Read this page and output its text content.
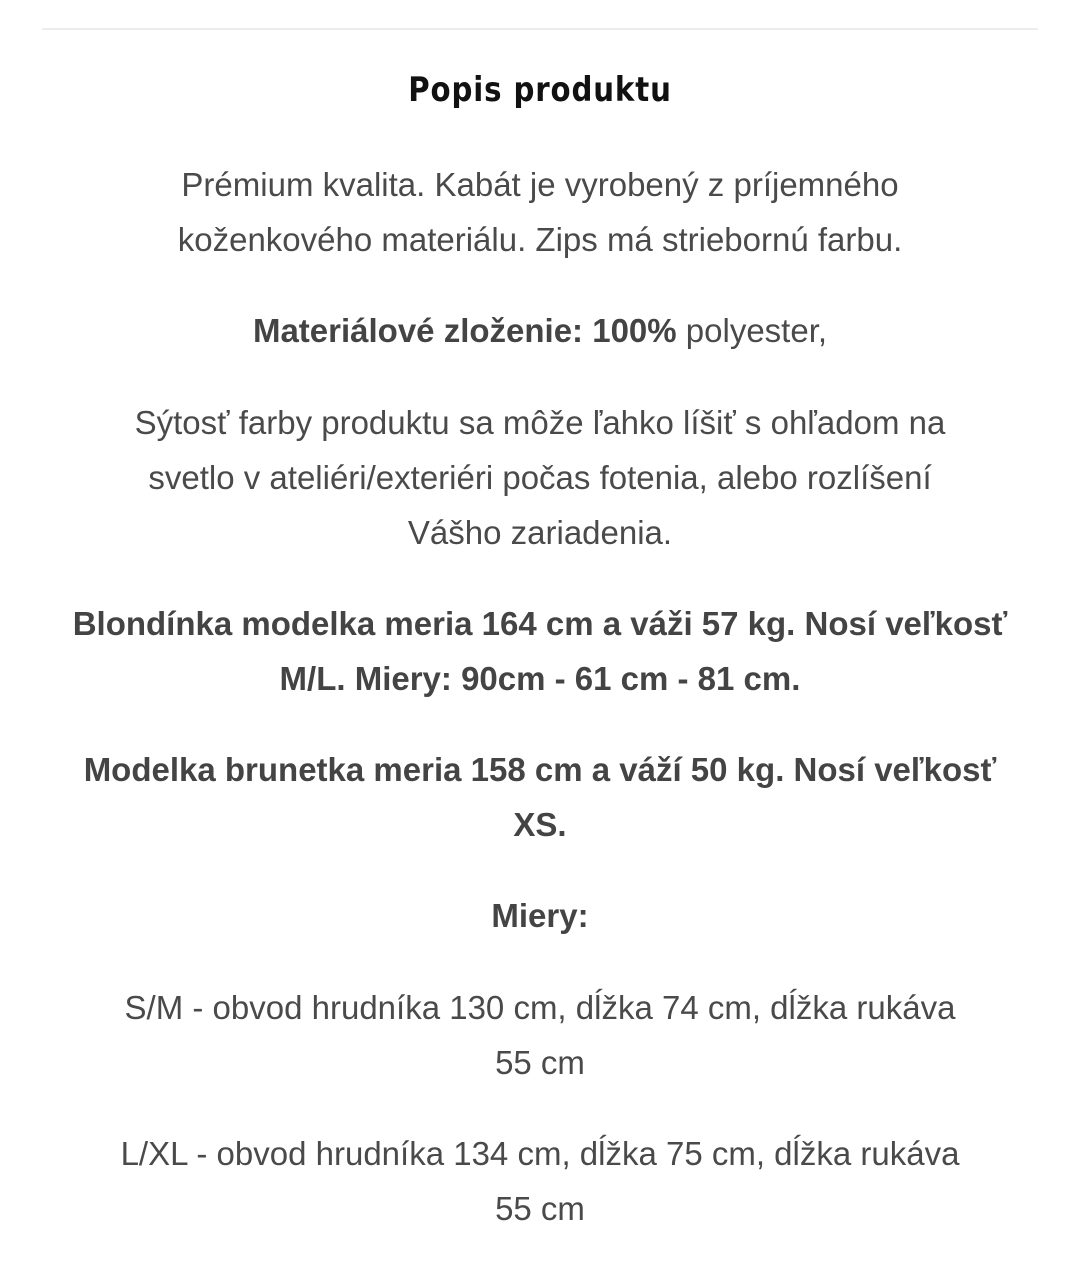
Popis produktu

Prémium kvalita. Kabát je vyrobený z príjemného
koženkového materiálu. Zips má striebornú farbu.

Materiálové zloženie: 100% polyester,

Sýtosť farby produktu sa môže ľahko líšiť s ohľadom na
svetlo v ateliéri/exteriéri počas fotenia, alebo rozlíšení
Vášho zariadenia.

Blondínka modelka meria 164 cm a váži 57 kg. Nosí veľkosť
M/L. Miery: 90cm - 61 cm - 81 cm.

Modelka brunetka meria 158 cm a váží 50 kg. Nosí veľkosť
XS.

Miery:

S/M - obvod hrudníka 130 cm, dĺžka 74 cm, dĺžka rukáva
55 cm

L/XL - obvod hrudníka 134 cm, dĺžka 75 cm, dĺžka rukáva
55 cm
